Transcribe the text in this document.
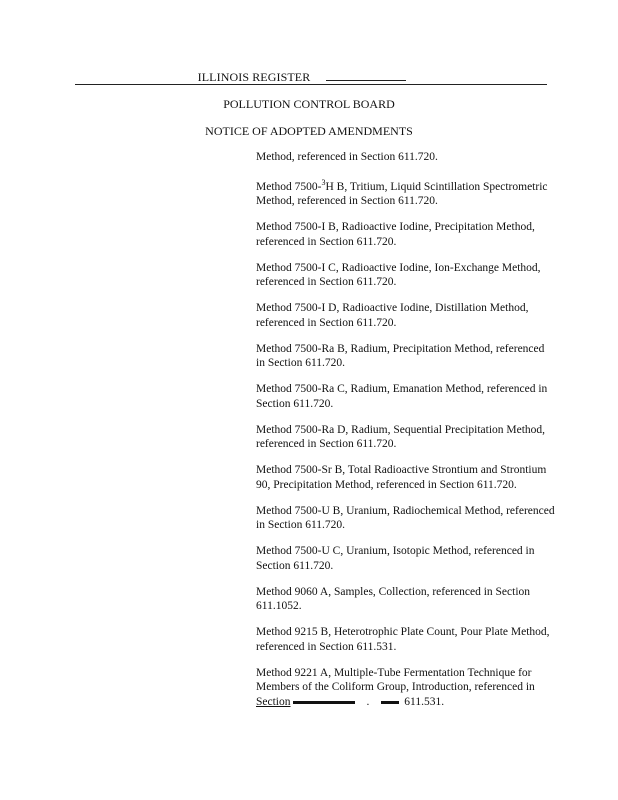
ILLINOIS REGISTER
POLLUTION CONTROL BOARD
NOTICE OF ADOPTED AMENDMENTS
Method, referenced in Section 611.720.
Method 7500-$^3$H B, Tritium, Liquid Scintillation Spectrometric Method, referenced in Section 611.720.
Method 7500-I B, Radioactive Iodine, Precipitation Method, referenced in Section 611.720.
Method 7500-I C, Radioactive Iodine, Ion-Exchange Method, referenced in Section 611.720.
Method 7500-I D, Radioactive Iodine, Distillation Method, referenced in Section 611.720.
Method 7500-Ra B, Radium, Precipitation Method, referenced in Section 611.720.
Method 7500-Ra C, Radium, Emanation Method, referenced in Section 611.720.
Method 7500-Ra D, Radium, Sequential Precipitation Method, referenced in Section 611.720.
Method 7500-Sr B, Total Radioactive Strontium and Strontium 90, Precipitation Method, referenced in Section 611.720.
Method 7500-U B, Uranium, Radiochemical Method, referenced in Section 611.720.
Method 7500-U C, Uranium, Isotopic Method, referenced in Section 611.720.
Method 9060 A, Samples, Collection, referenced in Section 611.1052.
Method 9215 B, Heterotrophic Plate Count, Pour Plate Method, referenced in Section 611.531.
Method 9221 A, Multiple-Tube Fermentation Technique for Members of the Coliform Group, Introduction, referenced in Section	.	611.531.
